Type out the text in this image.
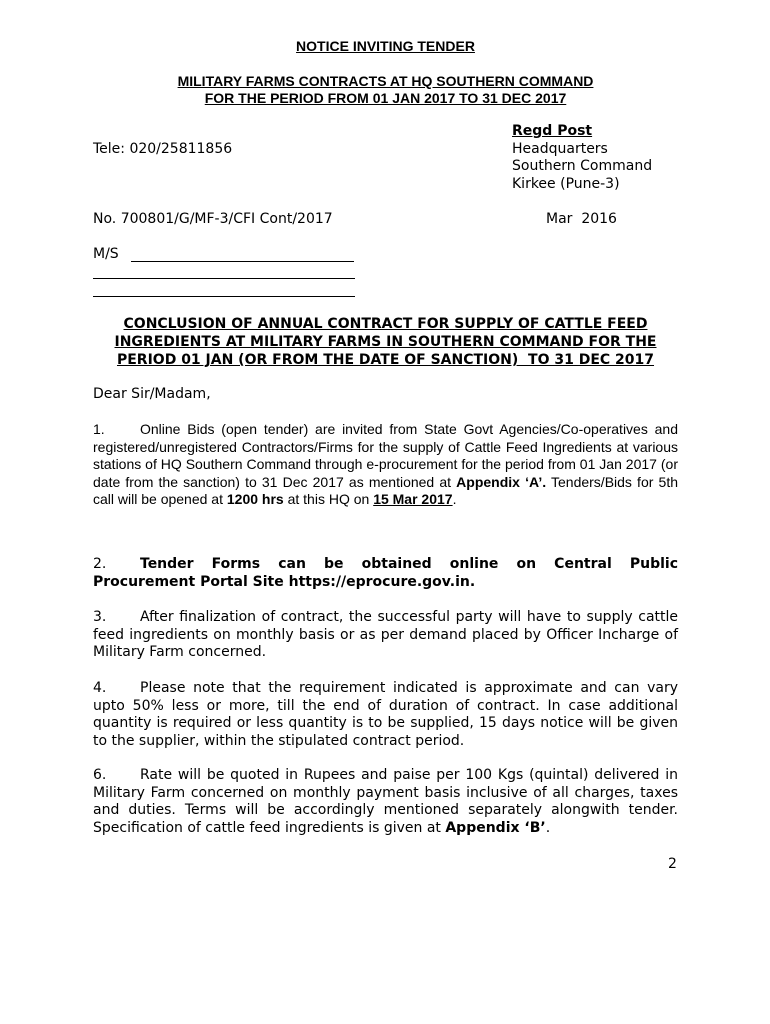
NOTICE INVITING TENDER
MILITARY FARMS CONTRACTS AT HQ SOUTHERN COMMAND
FOR THE PERIOD FROM 01 JAN 2017 TO 31 DEC 2017
Regd Post
Tele: 020/25811856	Headquarters
Southern Command
Kirkee (Pune-3)
No. 700801/G/MF-3/CFI Cont/2017	Mar  2016
M/S
CONCLUSION OF ANNUAL CONTRACT FOR SUPPLY OF CATTLE FEED
INGREDIENTS AT MILITARY FARMS IN SOUTHERN COMMAND FOR THE
PERIOD 01 JAN (OR FROM THE DATE OF SANCTION)  TO 31 DEC 2017
Dear Sir/Madam,

1.	Online Bids (open tender) are invited from State Govt Agencies/Co-operatives and registered/unregistered Contractors/Firms for the supply of Cattle Feed Ingredients at various stations of HQ Southern Command through e-procurement for the period from 01 Jan 2017 (or date from the sanction) to 31 Dec 2017 as mentioned at Appendix ‘A’. Tenders/Bids for 5th call will be opened at 1200 hrs at this HQ on 15 Mar 2017.

2. Tender Forms can be obtained online on Central Public Procurement Portal Site https://eprocure.gov.in.

3. After finalization of contract, the successful party will have to supply cattle feed ingredients on monthly basis or as per demand placed by Officer Incharge of Military Farm concerned.

4. Please note that the requirement indicated is approximate and can vary upto 50% less or more, till the end of duration of contract. In case additional quantity is required or less quantity is to be supplied, 15 days notice will be given to the supplier, within the stipulated contract period.

6. Rate will be quoted in Rupees and paise per 100 Kgs (quintal) delivered in Military Farm concerned on monthly payment basis inclusive of all charges, taxes and duties. Terms will be accordingly mentioned separately alongwith tender. Specification of cattle feed ingredients is given at Appendix ‘B’.

2
